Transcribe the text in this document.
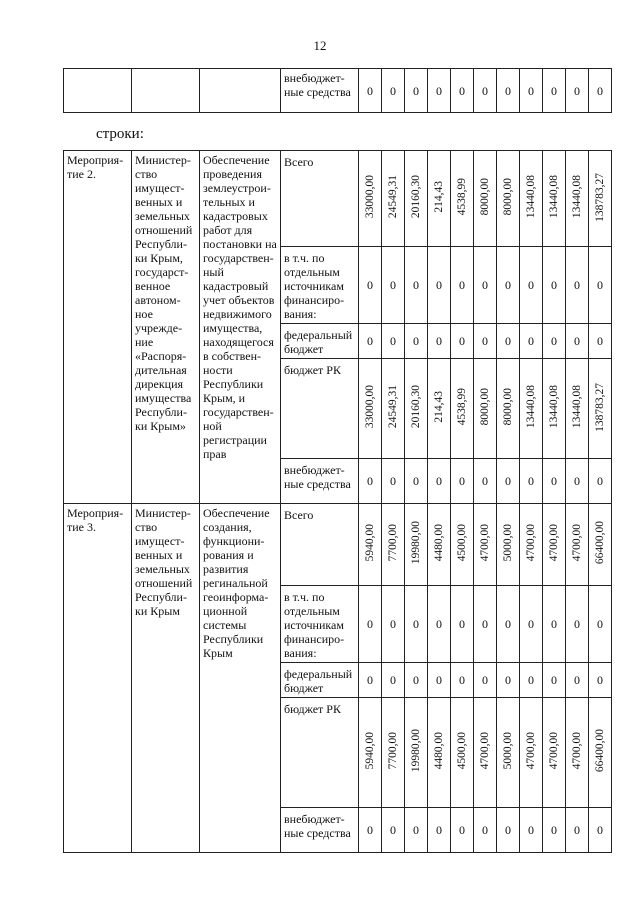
12
			внебюджет-ные средства	0	0	0	0	0	0	0	0	0	0	0
строки:
Мероприя-тие 2.	Министер-ство имущест-венных и земельных отношений Республи-ки Крым, государст-венное автоном-ное учрежде-ние «Распоря-дительная дирекция имущества Республи-ки Крым»	Обеспечение проведения землеустрои-тельных и кадастровых работ для постановки на государствен-ный кадастровый учет объектов недвижимого имущества, находящегося в собствен-ности Республики Крым, и государствен-ной регистрации прав	Всего	33000,00	24549,31	20160,30	214,43	4538,99	8000,00	8000,00	13440,08	13440,08	13440,08	138783,27
			в т.ч. по отдельным источникам финансиро-вания:	0	0	0	0	0	0	0	0	0	0	0
			федеральный бюджет	0	0	0	0	0	0	0	0	0	0	0
			бюджет РК	33000,00	24549,31	20160,30	214,43	4538,99	8000,00	8000,00	13440,08	13440,08	13440,08	138783,27
			внебюджет-ные средства	0	0	0	0	0	0	0	0	0	0	0
Мероприя-тие 3.	Министер-ство имущест-венных и земельных отношений Республи-ки Крым	Обеспечение создания, функциони-рования и развития регинальной геоинформа-ционной системы Республики Крым	Всего	5940,00	7700,00	19980,00	4480,00	4500,00	4700,00	5000,00	4700,00	4700,00	4700,00	66400,00
			в т.ч. по отдельным источникам финансиро-вания:	0	0	0	0	0	0	0	0	0	0	0
			федеральный бюджет	0	0	0	0	0	0	0	0	0	0	0
			бюджет РК	5940,00	7700,00	19980,00	4480,00	4500,00	4700,00	5000,00	4700,00	4700,00	4700,00	66400,00
			внебюджет-ные средства	0	0	0	0	0	0	0	0	0	0	0
